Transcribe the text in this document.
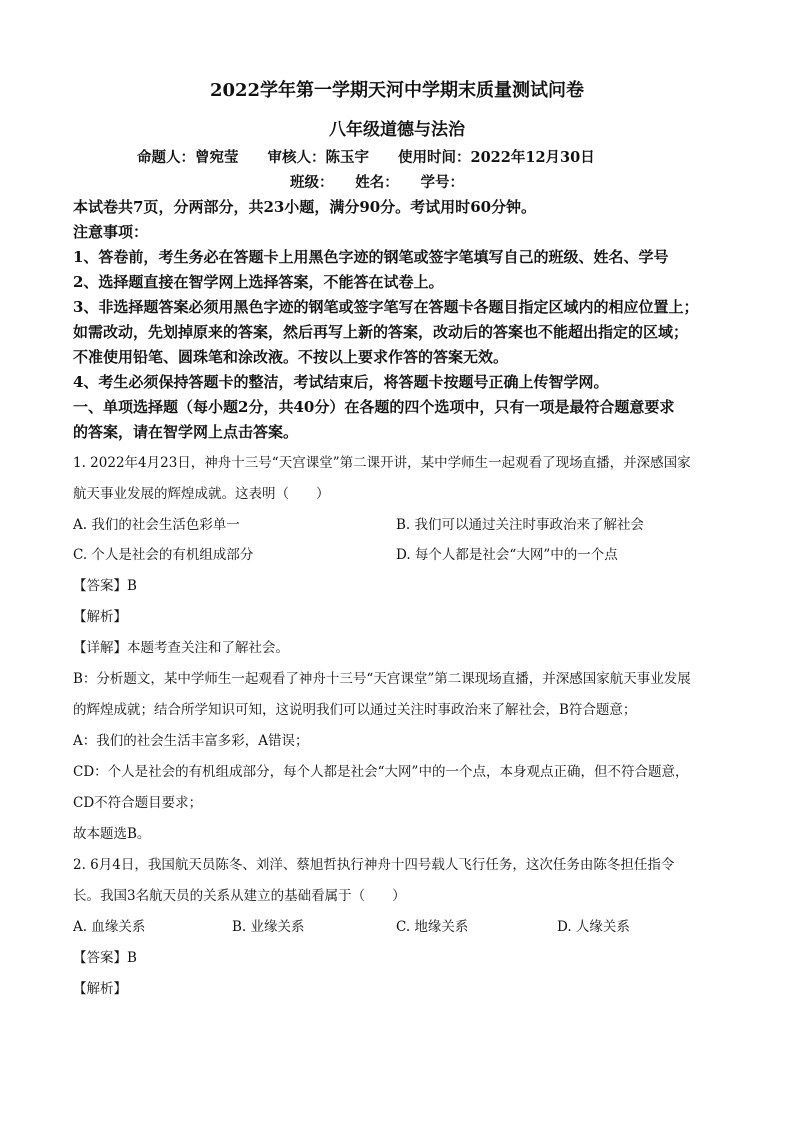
2022学年第一学期天河中学期末质量测试问卷
八年级道德与法治
命题人：曾宛莹　　审核人：陈玉宇　　使用时间：2022年12月30日
班级：　　姓名：　　学号：
本试卷共7页，分两部分，共23小题，满分90分。考试用时60分钟。
注意事项：
1、答卷前，考生务必在答题卡上用黑色字迹的钢笔或签字笔填写自己的班级、姓名、学号
2、选择题直接在智学网上选择答案，不能答在试卷上。
3、非选择题答案必须用黑色字迹的钢笔或签字笔写在答题卡各题目指定区域内的相应位置上；
如需改动，先划掉原来的答案，然后再写上新的答案，改动后的答案也不能超出指定的区域；
不准使用铅笔、圆珠笔和涂改液。不按以上要求作答的答案无效。
4、考生必须保持答题卡的整洁，考试结束后，将答题卡按题号正确上传智学网。
一、单项选择题（每小题2分，共40分）在各题的四个选项中，只有一项是最符合题意要求
的答案，请在智学网上点击答案。
1. 2022年4月23日，神舟十三号“天宫课堂”第二课开讲，某中学师生一起观看了现场直播，并深感国家
航天事业发展的辉煌成就。这表明（　　）
A. 我们的社会生活色彩单一	B. 我们可以通过关注时事政治来了解社会
C. 个人是社会的有机组成部分	D. 每个人都是社会“大网”中的一个点
【答案】B
【解析】
【详解】本题考查关注和了解社会。
B：分析题文，某中学师生一起观看了神舟十三号“天宫课堂”第二课现场直播，并深感国家航天事业发展
的辉煌成就；结合所学知识可知，这说明我们可以通过关注时事政治来了解社会，B符合题意；
A：我们的社会生活丰富多彩，A错误；
CD：个人是社会的有机组成部分，每个人都是社会“大网”中的一个点，本身观点正确，但不符合题意，
CD不符合题目要求；
故本题选B。
2. 6月4日，我国航天员陈冬、刘洋、蔡旭哲执行神舟十四号载人飞行任务，这次任务由陈冬担任指令
长。我国3名航天员的关系从建立的基础看属于（　　）
A. 血缘关系	B. 业缘关系	C. 地缘关系	D. 人缘关系
【答案】B
【解析】
